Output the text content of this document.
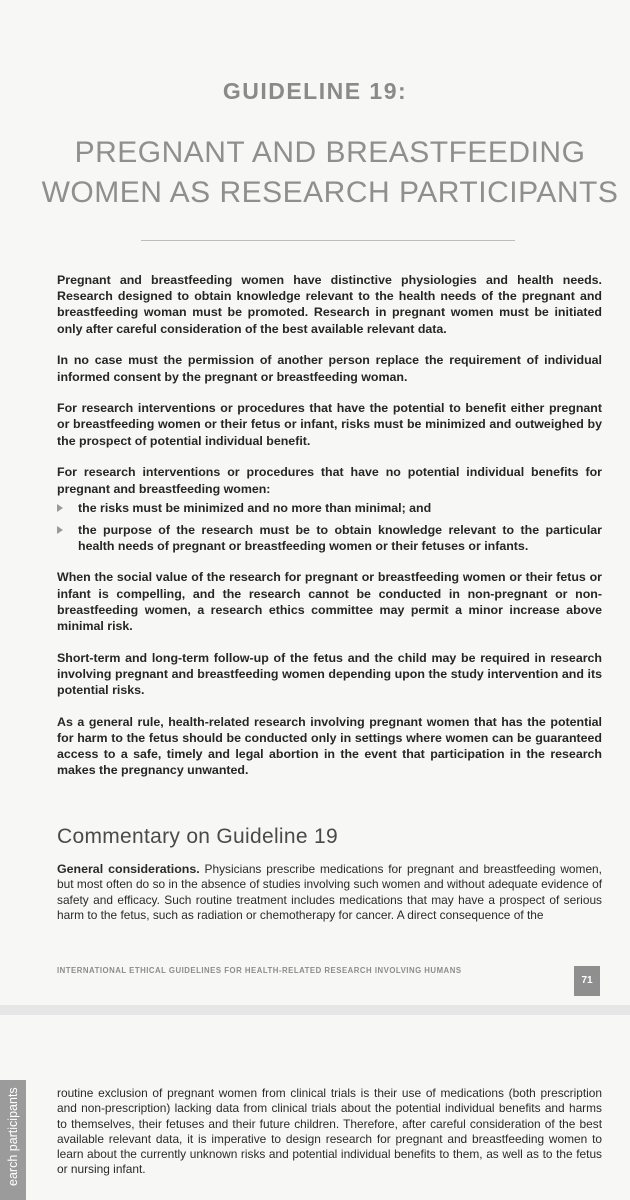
GUIDELINE 19:
PREGNANT AND BREASTFEEDING
WOMEN AS RESEARCH PARTICIPANTS

Pregnant and breastfeeding women have distinctive physiologies and health needs. Research designed to obtain knowledge relevant to the health needs of the pregnant and breastfeeding woman must be promoted. Research in pregnant women must be initiated only after careful consideration of the best available relevant data.

In no case must the permission of another person replace the requirement of individual informed consent by the pregnant or breastfeeding woman.

For research interventions or procedures that have the potential to benefit either pregnant or breastfeeding women or their fetus or infant, risks must be minimized and outweighed by the prospect of potential individual benefit.

For research interventions or procedures that have no potential individual benefits for pregnant and breastfeeding women:

the risks must be minimized and no more than minimal; and
the purpose of the research must be to obtain knowledge relevant to the particular health needs of pregnant or breastfeeding women or their fetuses or infants.

When the social value of the research for pregnant or breastfeeding women or their fetus or infant is compelling, and the research cannot be conducted in non-pregnant or non-breastfeeding women, a research ethics committee may permit a minor increase above minimal risk.

Short-term and long-term follow-up of the fetus and the child may be required in research involving pregnant and breastfeeding women depending upon the study intervention and its potential risks.

As a general rule, health-related research involving pregnant women that has the potential for harm to the fetus should be conducted only in settings where women can be guaranteed access to a safe, timely and legal abortion in the event that participation in the research makes the pregnancy unwanted.

Commentary on Guideline 19
General considerations. Physicians prescribe medications for pregnant and breastfeeding women, but most often do so in the absence of studies involving such women and without adequate evidence of safety and efficacy. Such routine treatment includes medications that may have a prospect of serious harm to the fetus, such as radiation or chemotherapy for cancer. A direct consequence of the
INTERNATIONAL ETHICAL GUIDELINES FOR HEALTH-RELATED RESEARCH INVOLVING HUMANS
71
earch participants	routine exclusion of pregnant women from clinical trials is their use of medications (both prescription and non-prescription) lacking data from clinical trials about the potential individual benefits and harms to themselves, their fetuses and their future children. Therefore, after careful consideration of the best available relevant data, it is imperative to design research for pregnant and breastfeeding women to learn about the currently unknown risks and potential individual benefits to them, as well as to the fetus or nursing infant.
